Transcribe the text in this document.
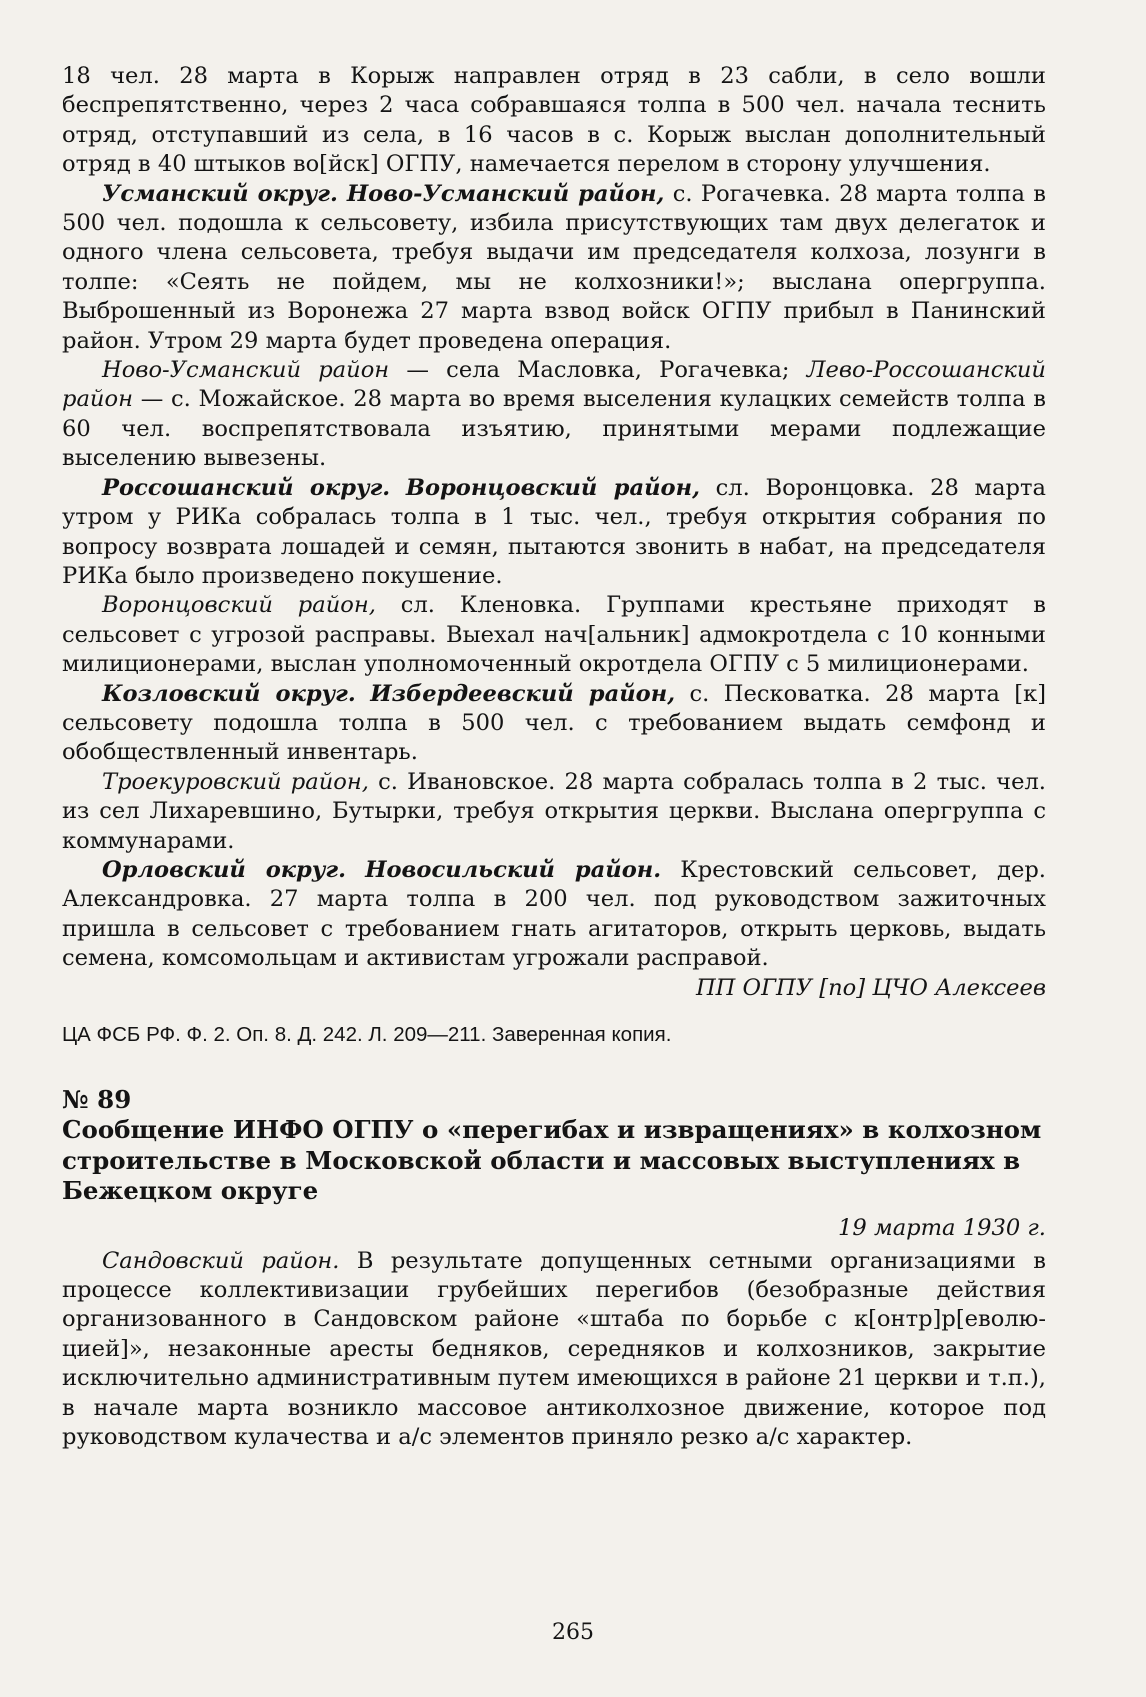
18 чел. 28 марта в Корыж направлен отряд в 23 сабли, в село вошли беспрепятственно, через 2 часа собравшаяся толпа в 500 чел. начала теснить отряд, отступавший из села, в 16 часов в с. Корыж выслан дополнительный отряд в 40 штыков во[йск] ОГПУ, намечается перелом в сторону улучшения.

Усманский округ. Ново-Усманский район, с. Рогачевка. 28 марта толпа в 500 чел. подошла к сельсовету, избила присутствующих там двух делегаток и одного члена сельсовета, требуя выдачи им председателя колхоза, лозунги в толпе: «Сеять не пойдем, мы не колхозники!»; выслана опергруппа. Выброшенный из Воронежа 27 марта взвод войск ОГПУ прибыл в Панинский район. Утром 29 марта будет проведена операция.

Ново-Усманский район — села Масловка, Рогачевка; Лево-Россошанский район — с. Можайское. 28 марта во время выселения кулацких семейств толпа в 60 чел. воспрепятствовала изъятию, принятыми мерами подлежащие выселению вывезены.

Россошанский округ. Воронцовский район, сл. Воронцовка. 28 марта утром у РИКа собралась толпа в 1 тыс. чел., требуя открытия собрания по вопросу возврата лошадей и семян, пытаются звонить в набат, на председателя РИКа было произведено покушение.

Воронцовский район, сл. Кленовка. Группами крестьяне приходят в сельсовет с угрозой расправы. Выехал нач[альник] адмокротдела с 10 конными милиционерами, выслан уполномоченный окротдела ОГПУ с 5 милиционерами.

Козловский округ. Избердеевский район, с. Песковатка. 28 марта [к] сельсовету подошла толпа в 500 чел. с требованием выдать семфонд и обобществленный инвентарь.

Троекуровский район, с. Ивановское. 28 марта собралась толпа в 2 тыс. чел. из сел Лихаревшино, Бутырки, требуя открытия церкви. Выслана опергруппа с коммунарами.

Орловский округ. Новосильский район. Крестовский сельсовет, дер. Александровка. 27 марта толпа в 200 чел. под руководством зажиточных пришла в сельсовет с требованием гнать агитаторов, открыть церковь, выдать семена, комсомольцам и активистам угрожали расправой.

ПП ОГПУ [по] ЦЧО Алексеев

ЦА ФСБ РФ. Ф. 2. Оп. 8. Д. 242. Л. 209—211. Заверенная копия.

№ 89

Сообщение ИНФО ОГПУ о «перегибах и извращениях» в колхозном строительстве в Московской области и массовых выступлениях в Бежецком округе

19 марта 1930 г.

Сандовский район. В результате допущенных сетными организациями в процессе коллективизации грубейших перегибов (безобразные действия организованного в Сандовском районе «штаба по борьбе с к[онтр]р[еволюцией]», незаконные аресты бедняков, середняков и колхозников, закрытие исключительно административным путем имеющихся в районе 21 церкви и т.п.), в начале марта возникло массовое антиколхозное движение, которое под руководством кулачества и а/с элементов приняло резко а/с характер.

265
